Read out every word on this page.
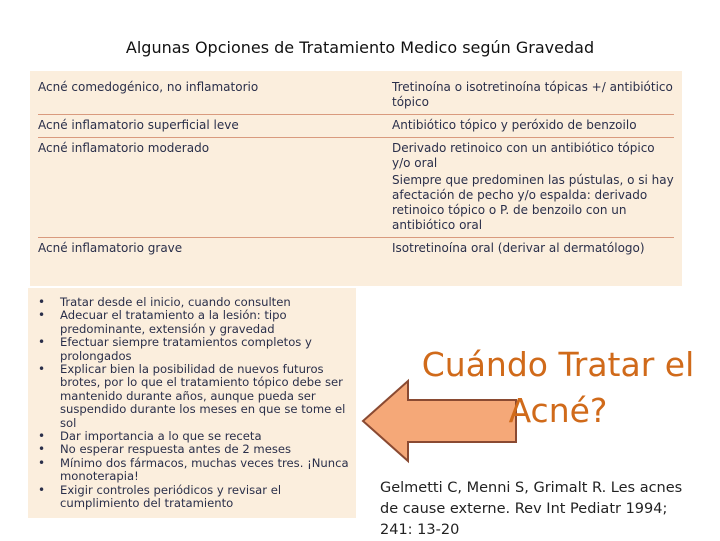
Algunas Opciones de Tratamiento Medico según Gravedad
Acné comedogénico, no inflamatorio	Tretinoína o isotretinoína tópicas +/ antibiótico tópico
Acné inflamatorio superficial leve	Antibiótico tópico y peróxido de benzoilo
Acné inflamatorio moderado	Derivado retinoico con un antibiótico tópico y/o oral
Siempre que predominen las pústulas, o si hay afectación de pecho y/o espalda: derivado retinoico tópico o P. de benzoilo con un antibiótico oral
Acné inflamatorio grave	Isotretinoína oral (derivar al dermatólogo)
• Tratar desde el inicio, cuando consulten
• Adecuar el tratamiento a la lesión: tipo predominante, extensión y gravedad
• Efectuar siempre tratamientos completos y prolongados
• Explicar bien la posibilidad de nuevos futuros brotes, por lo que el tratamiento tópico debe ser mantenido durante años, aunque pueda ser suspendido durante los meses en que se tome el sol
• Dar importancia a lo que se receta
• No esperar respuesta antes de 2 meses
• Mínimo dos fármacos, muchas veces tres. ¡Nunca monoterapia!
• Exigir controles periódicos y revisar el cumplimiento del tratamiento
Cuándo Tratar el Acné?
Gelmetti C, Menni S, Grimalt R. Les acnes de cause externe. Rev Int Pediatr 1994; 241: 13-20
